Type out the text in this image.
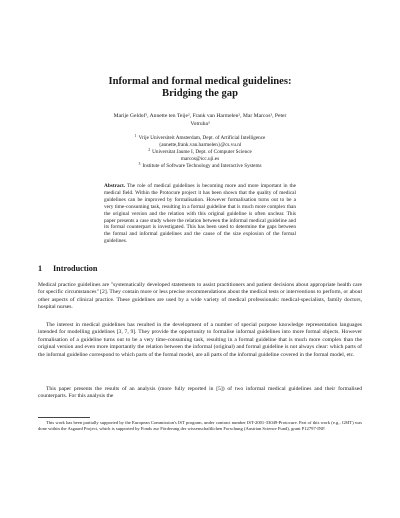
Informal and formal medical guidelines:
Bridging the gap
Marije Geldof¹, Annette ten Teije², Frank van Harmelen², Mar Marcos³, Peter
Votruba³
$^1$ Vrije Universiteit Amsterdam, Dept. of Artificial Intelligence
{annette,frank.van.harmelen}@cs.vu.nl
$^2$ Universitat Jaume I, Dept. of Computer Science
marcos@icc.uji.es
$^3$ Institute of Software Technology and Interactive Systems
Abstract. The role of medical guidelines is becoming more and more important in the medical field. Within the Protocure project it has been shown that the quality of medical guidelines can be improved by formalisation. However formalisation turns out to be a very time-consuming task, resulting in a formal guideline that is much more complex than the original version and the relation with this original guideline is often unclear. This paper presents a case study where the relation between the informal medical guideline and its formal counterpart is investigated. This has been used to determine the gaps between the formal and informal guidelines and the cause of the size explosion of the formal guidelines.
1 Introduction
Medical practice guidelines are "systematically developed statements to assist practitioners and patient decisions about appropriate health care for specific circumstances" [2]. They contain more or less precise recommendations about the medical tests or interventions to perform, or about other aspects of clinical practice. These guidelines are used by a wide variety of medical professionals: medical-specialists, family doctors, hospital nurses.
The interest in medical guidelines has resulted in the development of a number of special purpose knowledge representation languages intended for modelling guidelines [3, 7, 9]. They provide the opportunity to formalise informal guidelines into more formal objects. However formalisation of a guideline turns out to be a very time-consuming task, resulting in a formal guideline that is much more complex than the original version and even more importantly the relation between the informal (original) and formal guideline is not always clear: which parts of the informal guideline correspond to which parts of the formal model, are all parts of the informal guideline covered in the formal model, etc.
This paper presents the results of an analysis (more fully reported in [5]) of two informal medical guidelines and their formalised counterparts. For this analysis the
This work has been partially supported by the European Commission's IST program, under contract number IST-2001-33049-Protocure. Part of this work (e.g., GMT) was done within the Asgaard Project, which is supported by Fonds zur Förderung der wissenschaftlichen Forschung (Austrian Science Fund), grant P12797-INF.
